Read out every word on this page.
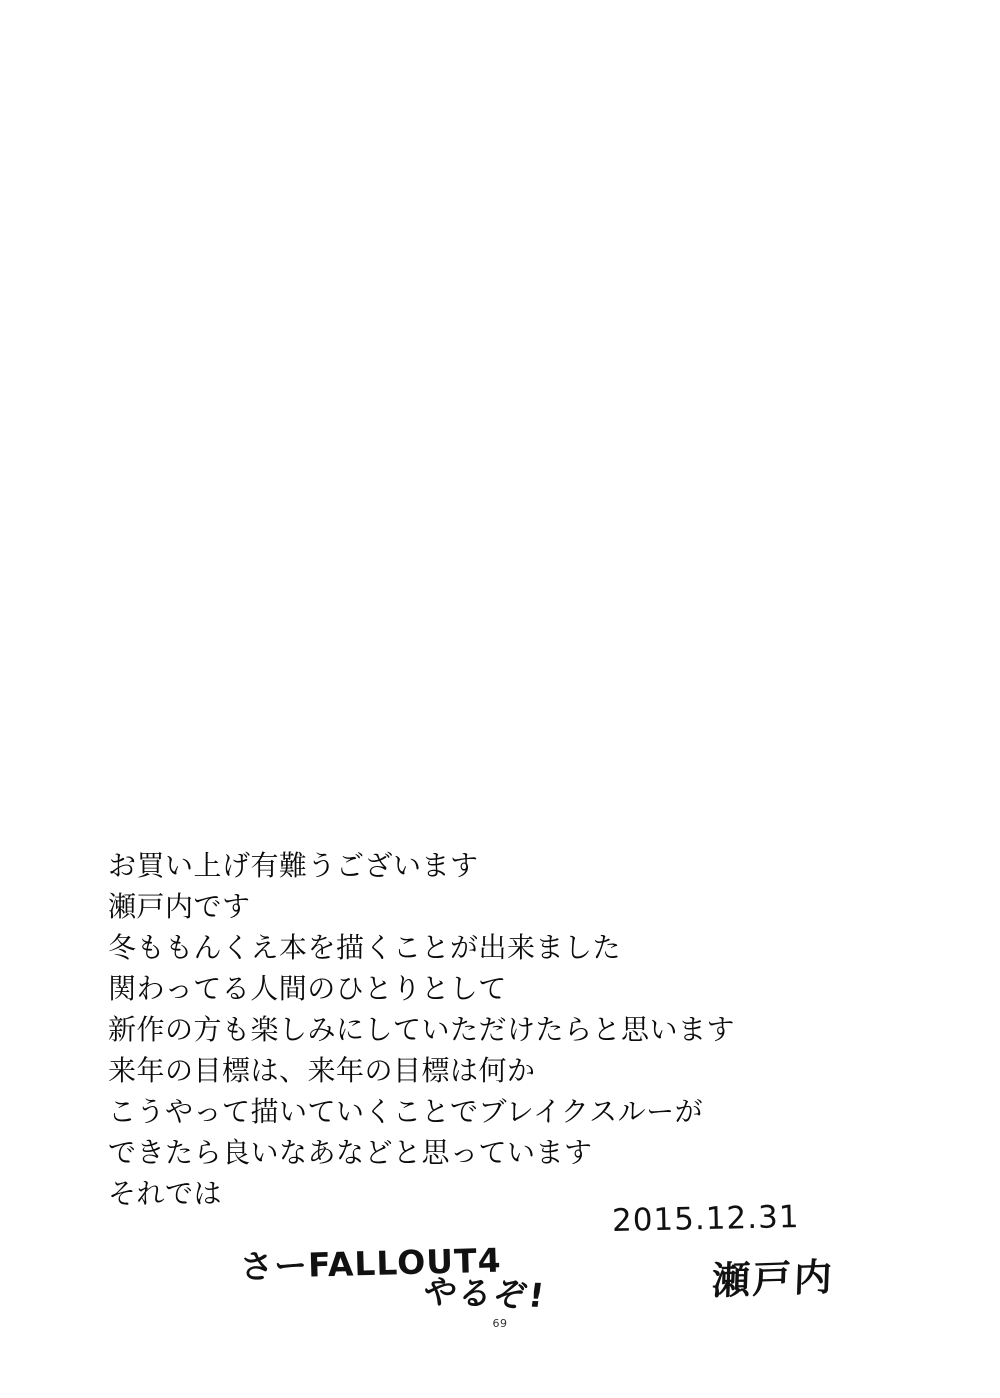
お買い上げ有難うございます
瀬戸内です
冬ももんくえ本を描くことが出来ました
関わってる人間のひとりとして
新作の方も楽しみにしていただけたらと思います
来年の目標は、来年の目標は何か
こうやって描いていくことでブレイクスルーが
できたら良いなあなどと思っています
それでは
2015.12.31
瀬戸内
さーFALLOUT4
やるぞ!
69
